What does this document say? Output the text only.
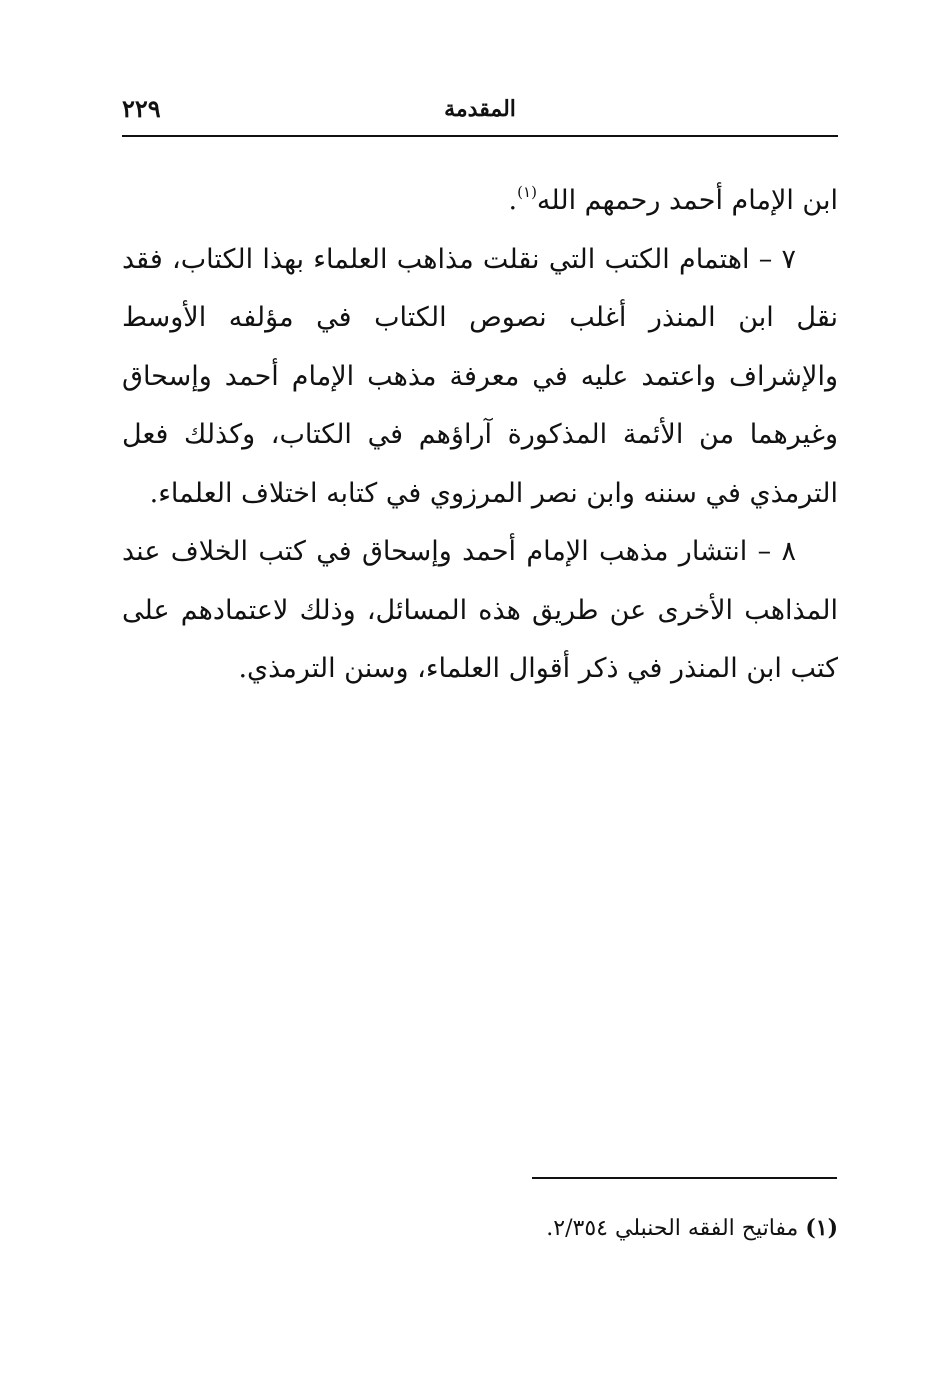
المقدمة
٢٢٩

ابن الإمام أحمد رحمهم الله$^{(١)}$.

٧ – اهتمام الكتب التي نقلت مذاهب العلماء بهذا الكتاب، فقد نقل ابن المنذر أغلب نصوص الكتاب في مؤلفه الأوسط والإشراف واعتمد عليه في معرفة مذهب الإمام أحمد وإسحاق وغيرهما من الأئمة المذكورة آراؤهم في الكتاب، وكذلك فعل الترمذي في سننه وابن نصر المرزوي في كتابه اختلاف العلماء.

٨ – انتشار مذهب الإمام أحمد وإسحاق في كتب الخلاف عند المذاهب الأخرى عن طريق هذه المسائل، وذلك لاعتمادهم على كتب ابن المنذر في ذكر أقوال العلماء، وسنن الترمذي.

(١) مفاتيح الفقه الحنبلي ٢/٣٥٤.
